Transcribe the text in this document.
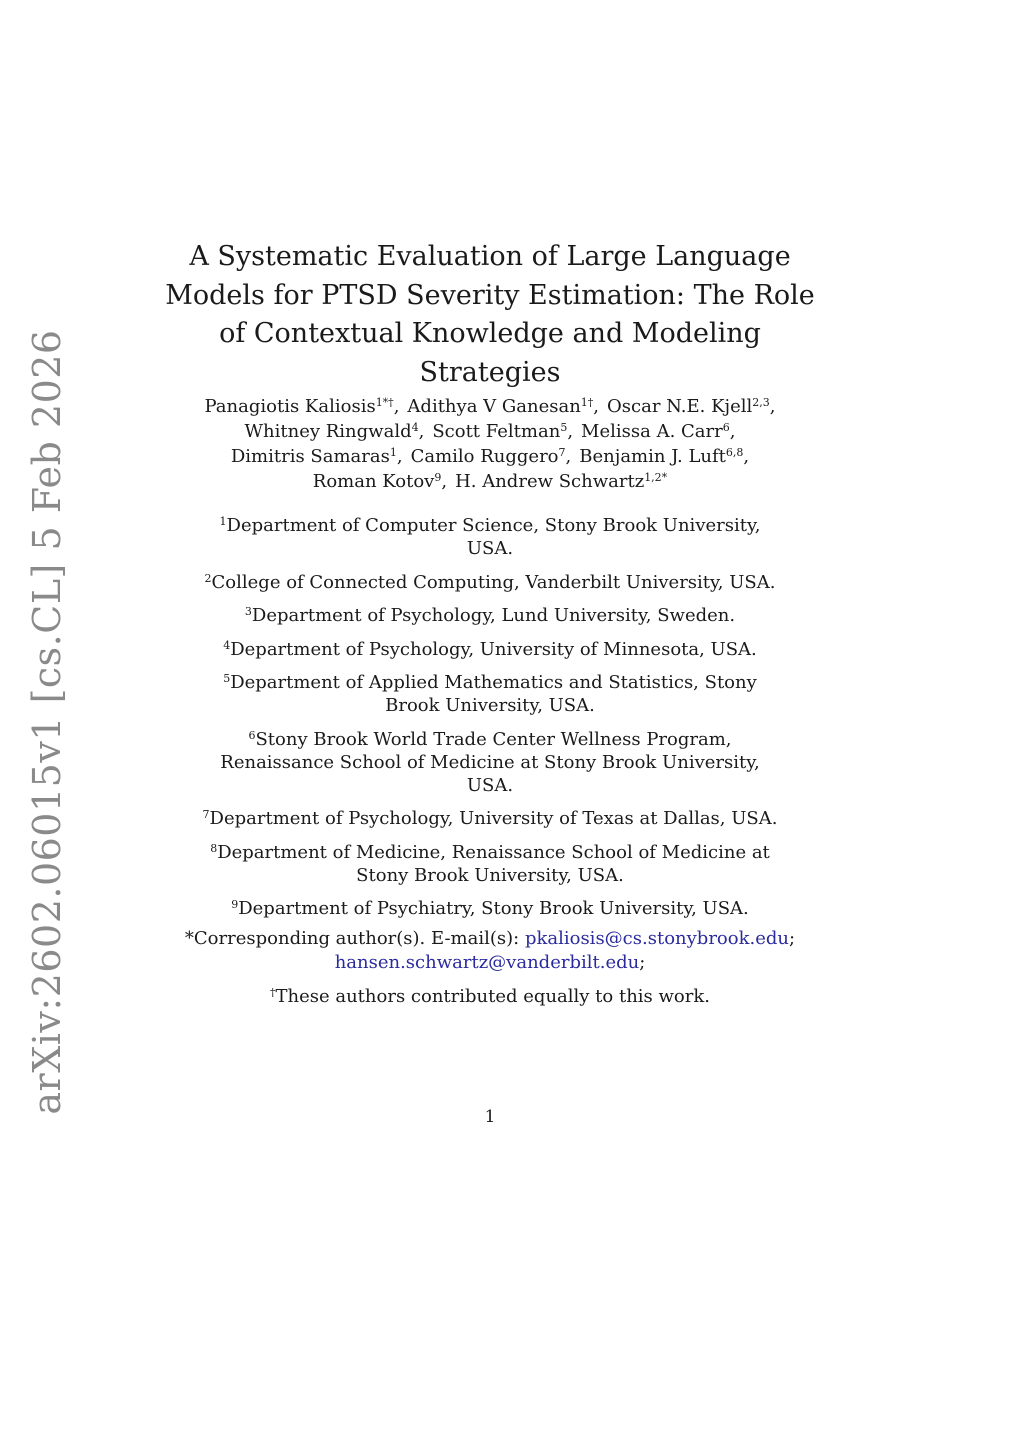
arXiv:2602.06015v1 [cs.CL] 5 Feb 2026
A Systematic Evaluation of Large Language
Models for PTSD Severity Estimation: The Role
of Contextual Knowledge and Modeling Strategies
Panagiotis Kaliosis$^{1*\dagger}$, Adithya V Ganesan$^{1\dagger}$, Oscar N.E. Kjell$^{2,3}$,
Whitney Ringwald$^4$, Scott Feltman$^5$, Melissa A. Carr$^6$,
Dimitris Samaras$^1$, Camilo Ruggero$^7$, Benjamin J. Luft$^{6,8}$,
Roman Kotov$^9$, H. Andrew Schwartz$^{1,2*}$
$^1$Department of Computer Science, Stony Brook University, USA.
$^2$College of Connected Computing, Vanderbilt University, USA.
$^3$Department of Psychology, Lund University, Sweden.
$^4$Department of Psychology, University of Minnesota, USA.
$^5$Department of Applied Mathematics and Statistics, Stony Brook University, USA.
$^6$Stony Brook World Trade Center Wellness Program, Renaissance School of Medicine at Stony Brook University, USA.
$^7$Department of Psychology, University of Texas at Dallas, USA.
$^8$Department of Medicine, Renaissance School of Medicine at Stony Brook University, USA.
$^9$Department of Psychiatry, Stony Brook University, USA.
*Corresponding author(s). E-mail(s): pkaliosis@cs.stonybrook.edu;
hansen.schwartz@vanderbilt.edu;
†These authors contributed equally to this work.
1
